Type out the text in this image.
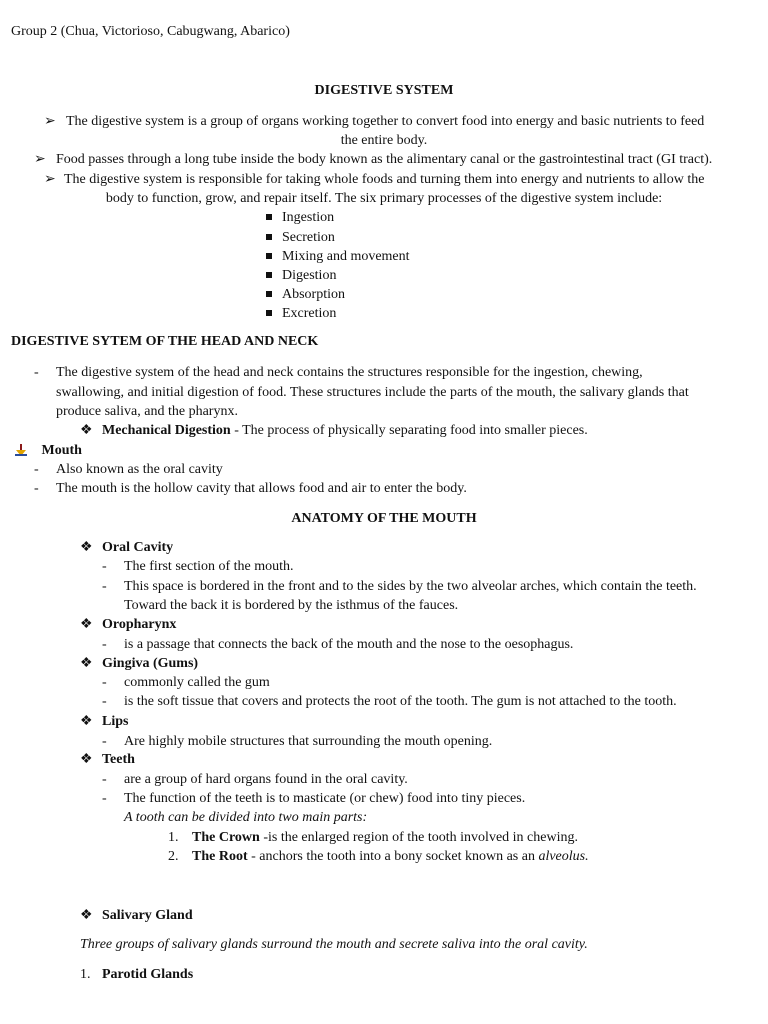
Group 2 (Chua, Victorioso, Cabugwang, Abarico)
DIGESTIVE SYSTEM
➢ The digestive system is a group of organs working together to convert food into energy and basic nutrients to feed
the entire body.
➢ Food passes through a long tube inside the body known as the alimentary canal or the gastrointestinal tract (GI tract).
➢ The digestive system is responsible for taking whole foods and turning them into energy and nutrients to allow the
body to function, grow, and repair itself. The six primary processes of the digestive system include:
Ingestion
Secretion
Mixing and movement
Digestion
Absorption
Excretion
DIGESTIVE SYTEM OF THE HEAD AND NECK
- The digestive system of the head and neck contains the structures responsible for the ingestion, chewing,
swallowing, and initial digestion of food. These structures include the parts of the mouth, the salivary glands that
produce saliva, and the pharynx.
❖ Mechanical Digestion - The process of physically separating food into smaller pieces.
Mouth
- Also known as the oral cavity
- The mouth is the hollow cavity that allows food and air to enter the body.
ANATOMY OF THE MOUTH
❖ Oral Cavity
- The first section of the mouth.
- This space is bordered in the front and to the sides by the two alveolar arches, which contain the teeth.
Toward the back it is bordered by the isthmus of the fauces.
❖ Oropharynx
- is a passage that connects the back of the mouth and the nose to the oesophagus.
❖ Gingiva (Gums)
- commonly called the gum
- is the soft tissue that covers and protects the root of the tooth. The gum is not attached to the tooth.
❖ Lips
- Are highly mobile structures that surrounding the mouth opening.
❖ Teeth
- are a group of hard organs found in the oral cavity.
- The function of the teeth is to masticate (or chew) food into tiny pieces.
A tooth can be divided into two main parts:
1. The Crown -is the enlarged region of the tooth involved in chewing.
2. The Root - anchors the tooth into a bony socket known as an alveolus.
❖ Salivary Gland
Three groups of salivary glands surround the mouth and secrete saliva into the oral cavity.
1. Parotid Glands
